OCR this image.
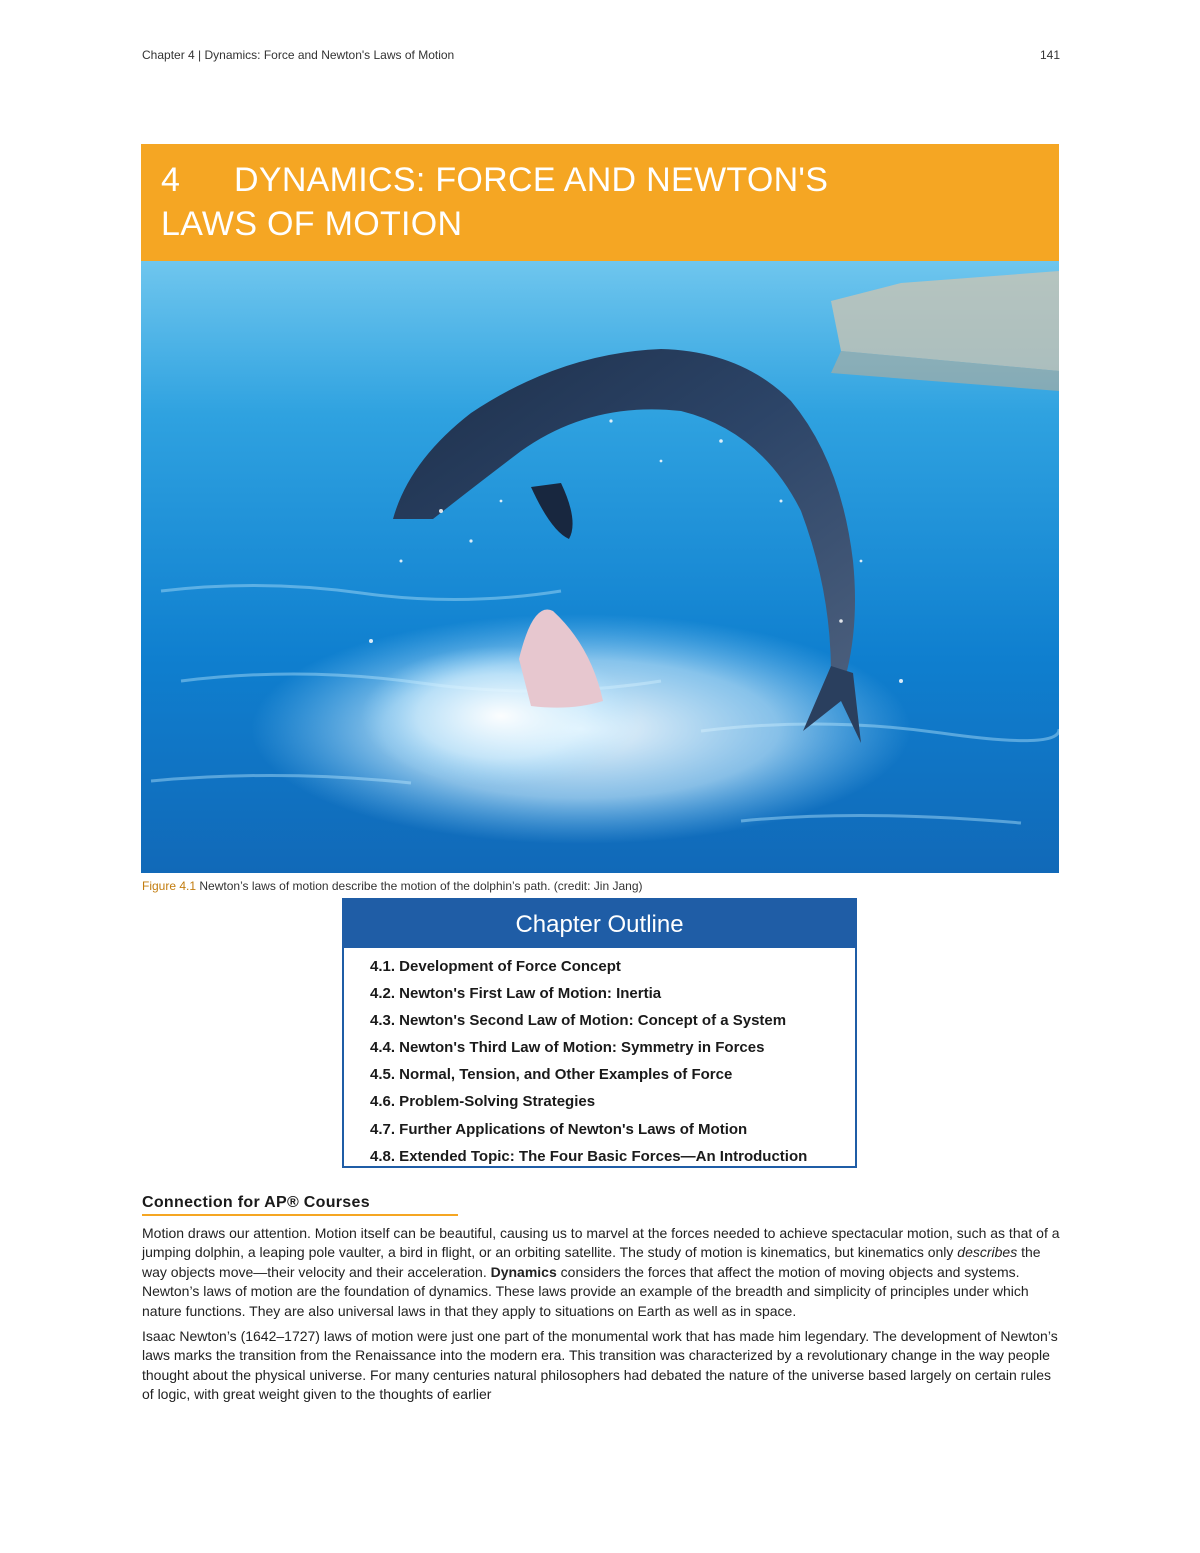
Chapter 4 | Dynamics: Force and Newton's Laws of Motion	141
4 DYNAMICS: FORCE AND NEWTON'S
LAWS OF MOTION
Figure 4.1 Newton’s laws of motion describe the motion of the dolphin’s path. (credit: Jin Jang)
Chapter Outline
4.1. Development of Force Concept
4.2. Newton's First Law of Motion: Inertia
4.3. Newton's Second Law of Motion: Concept of a System
4.4. Newton's Third Law of Motion: Symmetry in Forces
4.5. Normal, Tension, and Other Examples of Force
4.6. Problem-Solving Strategies
4.7. Further Applications of Newton's Laws of Motion
4.8. Extended Topic: The Four Basic Forces—An Introduction
Connection for AP® Courses

Motion draws our attention. Motion itself can be beautiful, causing us to marvel at the forces needed to achieve spectacular motion, such as that of a jumping dolphin, a leaping pole vaulter, a bird in flight, or an orbiting satellite. The study of motion is kinematics, but kinematics only describes the way objects move—their velocity and their acceleration. Dynamics considers the forces that affect the motion of moving objects and systems. Newton’s laws of motion are the foundation of dynamics. These laws provide an example of the breadth and simplicity of principles under which nature functions. They are also universal laws in that they apply to situations on Earth as well as in space.

Isaac Newton’s (1642–1727) laws of motion were just one part of the monumental work that has made him legendary. The development of Newton’s laws marks the transition from the Renaissance into the modern era. This transition was characterized by a revolutionary change in the way people thought about the physical universe. For many centuries natural philosophers had debated the nature of the universe based largely on certain rules of logic, with great weight given to the thoughts of earlier
